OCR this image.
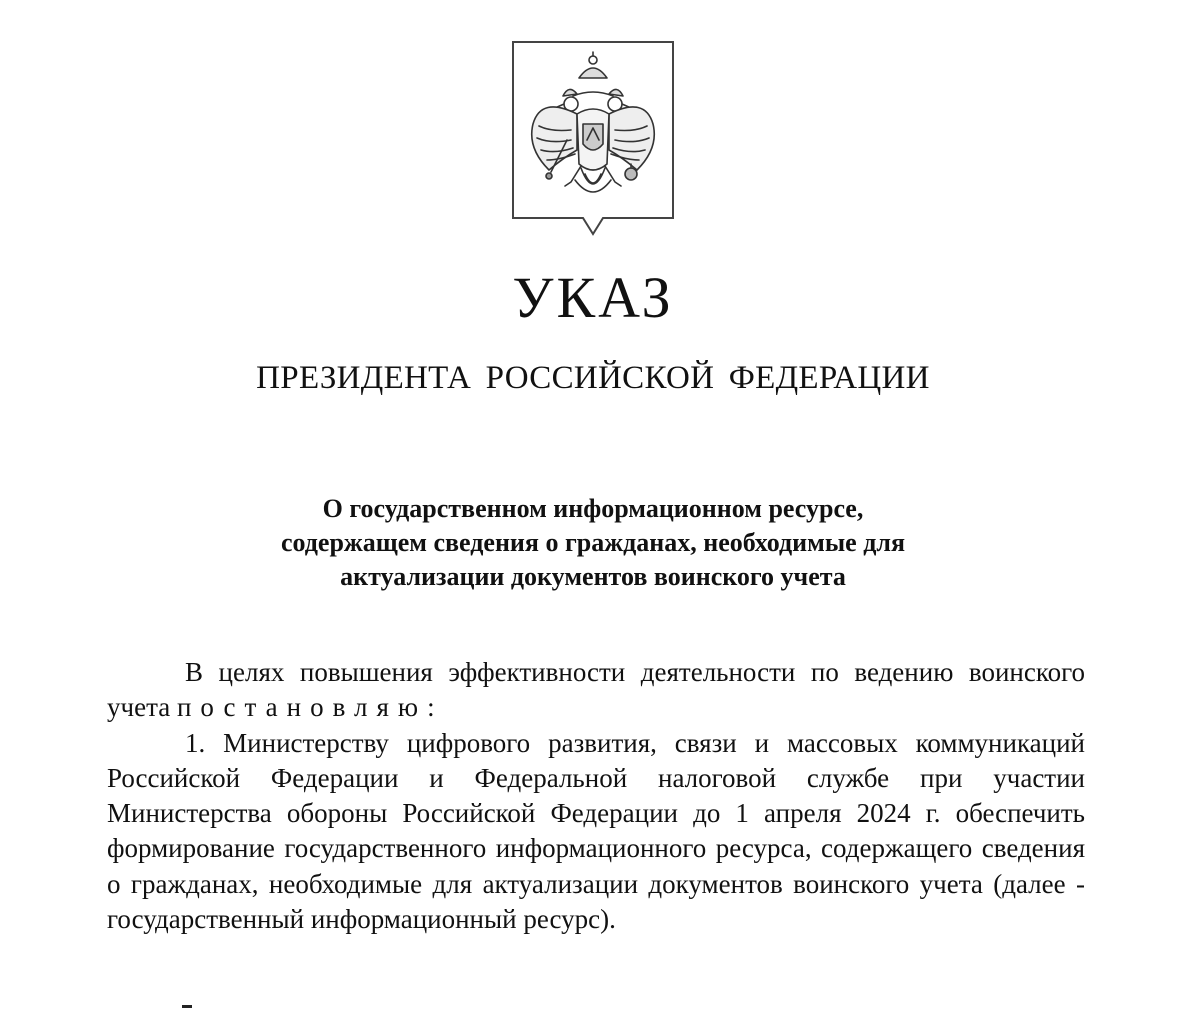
УКАЗ
ПРЕЗИДЕНТА РОССИЙСКОЙ ФЕДЕРАЦИИ
О государственном информационном ресурсе,
содержащем сведения о гражданах, необходимые для
актуализации документов воинского учета

В целях повышения эффективности деятельности по ведению воинского учета постановляю:

1. Министерству цифрового развития, связи и массовых коммуникаций Российской Федерации и Федеральной налоговой службе при участии Министерства обороны Российской Федерации до 1 апреля 2024 г. обеспечить формирование государственного информационного ресурса, содержащего сведения о гражданах, необходимые для актуализации документов воинского учета (далее - государственный информационный ресурс).
